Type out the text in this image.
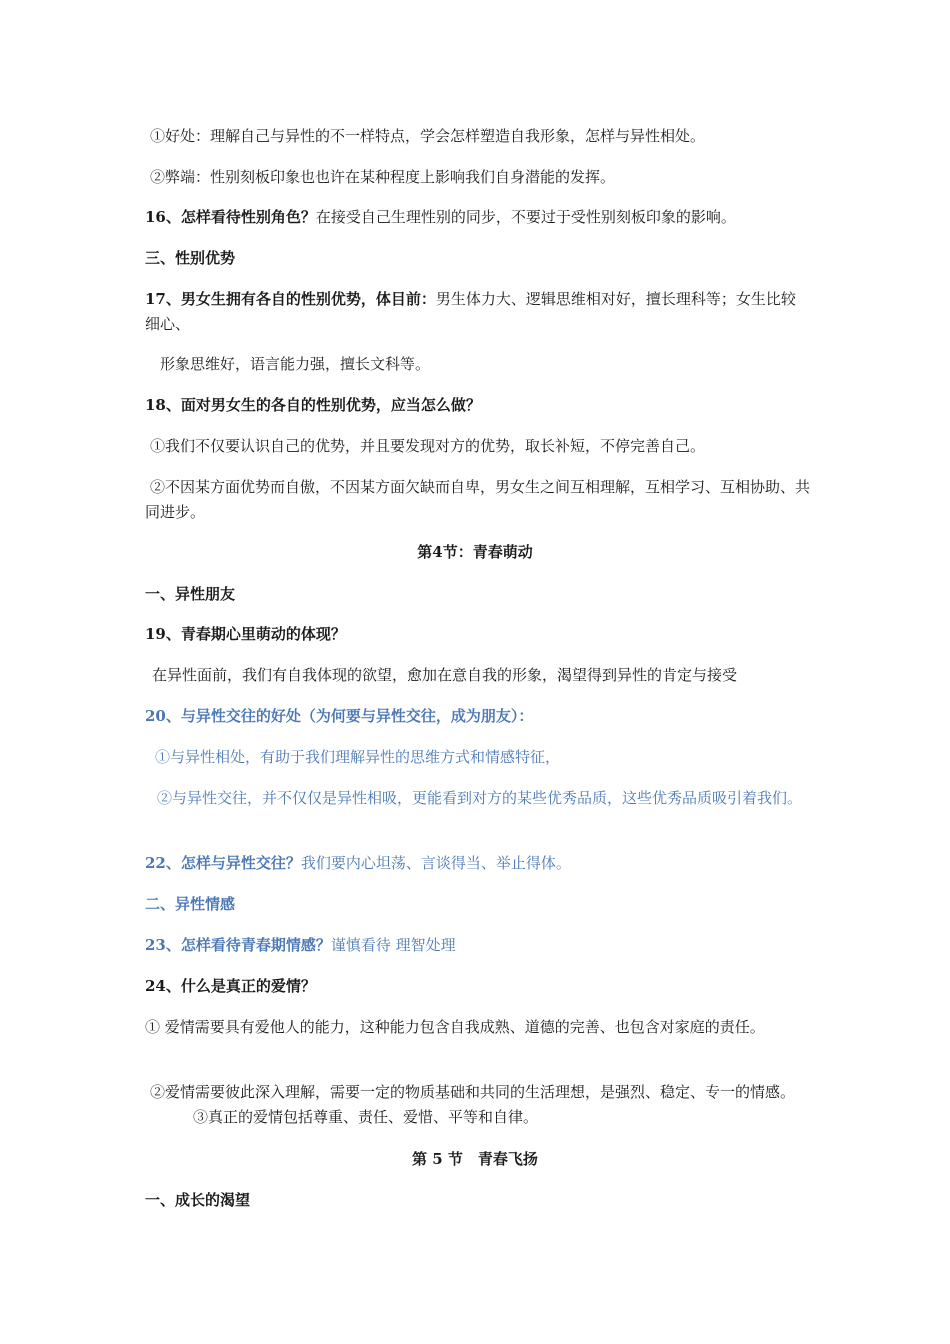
①好处：理解自己与异性的不一样特点，学会怎样塑造自我形象，怎样与异性相处。
②弊端：性别刻板印象也也许在某种程度上影响我们自身潜能的发挥。
16、怎样看待性别角色？在接受自己生理性别的同步，不要过于受性别刻板印象的影响。
三、性别优势
17、男女生拥有各自的性别优势，体目前：男生体力大、逻辑思维相对好，擅长理科等；女生比较细心、
形象思维好，语言能力强，擅长文科等。
18、面对男女生的各自的性别优势，应当怎么做？
①我们不仅要认识自己的优势，并且要发现对方的优势，取长补短，不停完善自己。
②不因某方面优势而自傲，不因某方面欠缺而自卑，男女生之间互相理解，互相学习、互相协助、共同进步。
第4节：青春萌动
一、异性朋友
19、青春期心里萌动的体现？
在异性面前，我们有自我体现的欲望，愈加在意自我的形象，渴望得到异性的肯定与接受
20、与异性交往的好处（为何要与异性交往，成为朋友）：
①与异性相处，有助于我们理解异性的思维方式和情感特征，
②与异性交往，并不仅仅是异性相吸，更能看到对方的某些优秀品质，这些优秀品质吸引着我们。
22、怎样与异性交往？我们要内心坦荡、言谈得当、举止得体。
二、异性情感
23、怎样看待青春期情感？谨慎看待 理智处理
24、什么是真正的爱情？
① 爱情需要具有爱他人的能力，这种能力包含自我成熟、道德的完善、也包含对家庭的责任。
②爱情需要彼此深入理解，需要一定的物质基础和共同的生活理想，是强烈、稳定、专一的情感。③真正的爱情包括尊重、责任、爱惜、平等和自律。
第 5 节　青春飞扬
一、成长的渴望
